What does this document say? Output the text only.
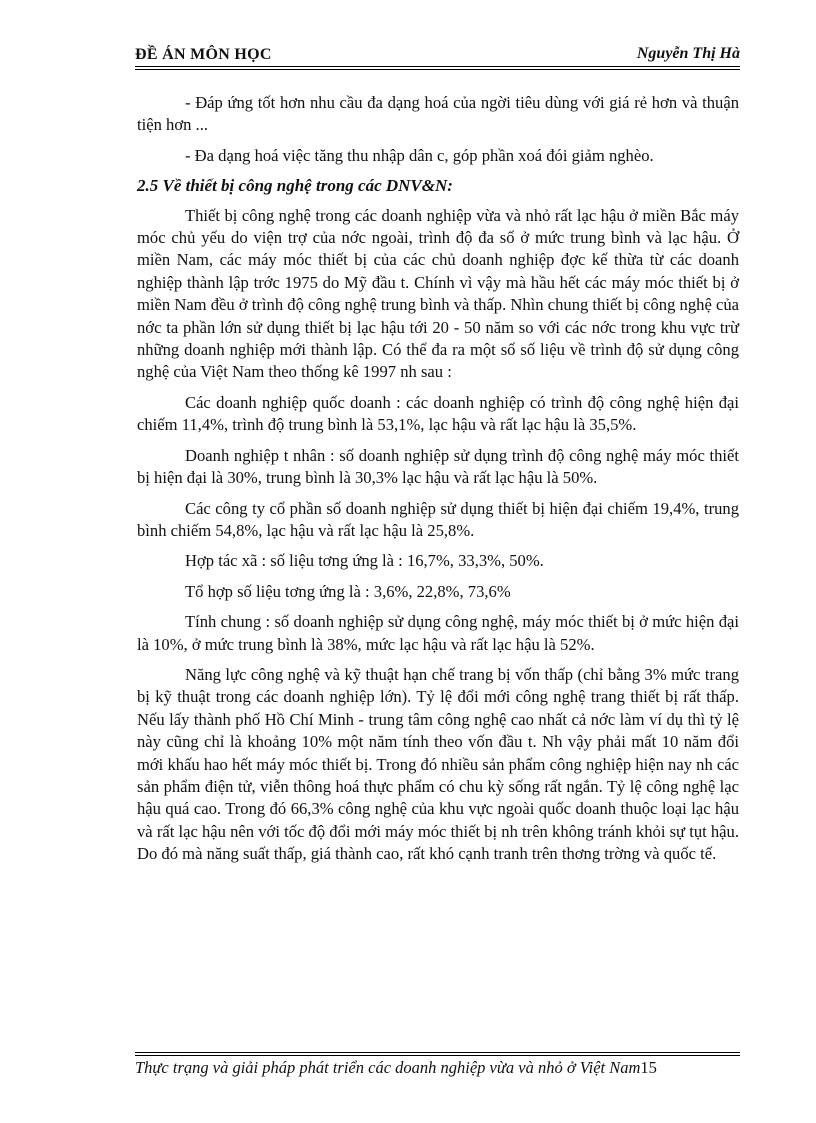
ĐỀ ÁN MÔN HỌC	Nguyễn Thị Hà

- Đáp ứng tốt hơn nhu cầu đa dạng hoá của ngời tiêu dùng với giá rẻ hơn và thuận tiện hơn ...

- Đa dạng hoá việc tăng thu nhập dân c, góp phần xoá đói giảm nghèo.

2.5 Về thiết bị công nghệ trong các DNV&N:

Thiết bị công nghệ trong các doanh nghiệp vừa và nhỏ rất lạc hậu ở miền Bắc máy móc chủ yếu do viện trợ của nớc ngoài, trình độ đa số ở mức trung bình và lạc hậu. Ở miền Nam, các máy móc thiết bị của các chủ doanh nghiệp đợc kế thừa từ các doanh nghiệp thành lập trớc 1975 do Mỹ đầu t. Chính vì vậy mà hầu hết các máy móc thiết bị ở miền Nam đều ở trình độ công nghệ trung bình và thấp. Nhìn chung thiết bị công nghệ của nớc ta phần lớn sử dụng thiết bị lạc hậu tới 20 - 50 năm so với các nớc trong khu vực trừ những doanh nghiệp mới thành lập. Có thể đa ra một số số liệu về trình độ sử dụng công nghệ của Việt Nam theo thống kê 1997 nh sau :

Các doanh nghiệp quốc doanh : các doanh nghiệp có trình độ công nghệ hiện đại chiếm 11,4%, trình độ trung bình là 53,1%, lạc hậu và rất lạc hậu là 35,5%.

Doanh nghiệp t nhân : số doanh nghiệp sử dụng trình độ công nghệ máy móc thiết bị hiện đại là 30%, trung bình là 30,3% lạc hậu và rất lạc hậu là 50%.

Các công ty cổ phần số doanh nghiệp sử dụng thiết bị hiện đại chiếm 19,4%, trung bình chiếm 54,8%, lạc hậu và rất lạc hậu là 25,8%.

Hợp tác xã : số liệu tơng ứng là : 16,7%, 33,3%, 50%.

Tổ hợp số liệu tơng ứng là : 3,6%, 22,8%, 73,6%

Tính chung : số doanh nghiệp sử dụng công nghệ, máy móc thiết bị ở mức hiện đại là 10%, ở mức trung bình là 38%, mức lạc hậu và rất lạc hậu là 52%.

Năng lực công nghệ và kỹ thuật hạn chế trang bị vốn thấp (chỉ bằng 3% mức trang bị kỹ thuật trong các doanh nghiệp lớn). Tỷ lệ đổi mới công nghệ trang thiết bị rất thấp. Nếu lấy thành phố Hồ Chí Minh - trung tâm công nghệ cao nhất cả nớc làm ví dụ thì tỷ lệ này cũng chỉ là khoảng 10% một năm tính theo vốn đầu t. Nh vậy phải mất 10 năm đổi mới khấu hao hết máy móc thiết bị. Trong đó nhiều sản phẩm công nghiệp hiện nay nh các sản phẩm điện tử, viễn thông hoá thực phẩm có chu kỳ sống rất ngắn. Tỷ lệ công nghệ lạc hậu quá cao. Trong đó 66,3% công nghệ của khu vực ngoài quốc doanh thuộc loại lạc hậu và rất lạc hậu nên với tốc độ đổi mới máy móc thiết bị nh trên không tránh khỏi sự tụt hậu. Do đó mà năng suất thấp, giá thành cao, rất khó cạnh tranh trên thơng trờng và quốc tế.

Thực trạng và giải pháp phát triển các doanh nghiệp vừa và nhỏ ở Việt Nam15
